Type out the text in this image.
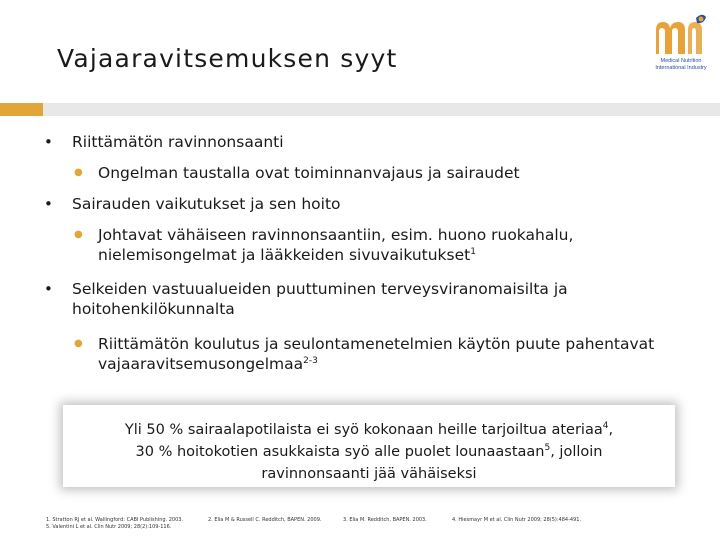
Vajaaravitsemuksen syyt	Medical Nutrition
International Industry
• Riittämätön ravinnonsaanti
● Ongelman taustalla ovat toiminnanvajaus ja sairaudet
• Sairauden vaikutukset ja sen hoito
● Johtavat vähäiseen ravinnonsaantiin, esim. huono ruokahalu,
nielemisongelmat ja lääkkeiden sivuvaikutukset$^1$
• Selkeiden vastuualueiden puuttuminen terveysviranomaisilta ja
hoitohenkilökunnalta
● Riittämätön koulutus ja seulontamenetelmien käytön puute pahentavat
vajaaravitsemusongelmaa$^{2-3}$
Yli 50 % sairaalapotilaista ei syö kokonaan heille tarjoiltua ateriaa$^4$,
30 % hoitokotien asukkaista syö alle puolet lounaastaan$^5$, jolloin
ravinnonsaanti jää vähäiseksi
1. Stratton RJ et al. Wallingford: CABI Publishing. 2003.
5. Valentini L et al. Clin Nutr 2009; 28(2):109-116.
2. Elia M & Russell C. Redditch, BAPEN. 2009.	3. Elia M. Redditch, BAPEN. 2003.	4. Hiesmayr M et al. Clin Nutr 2009; 28(5):484-491.
